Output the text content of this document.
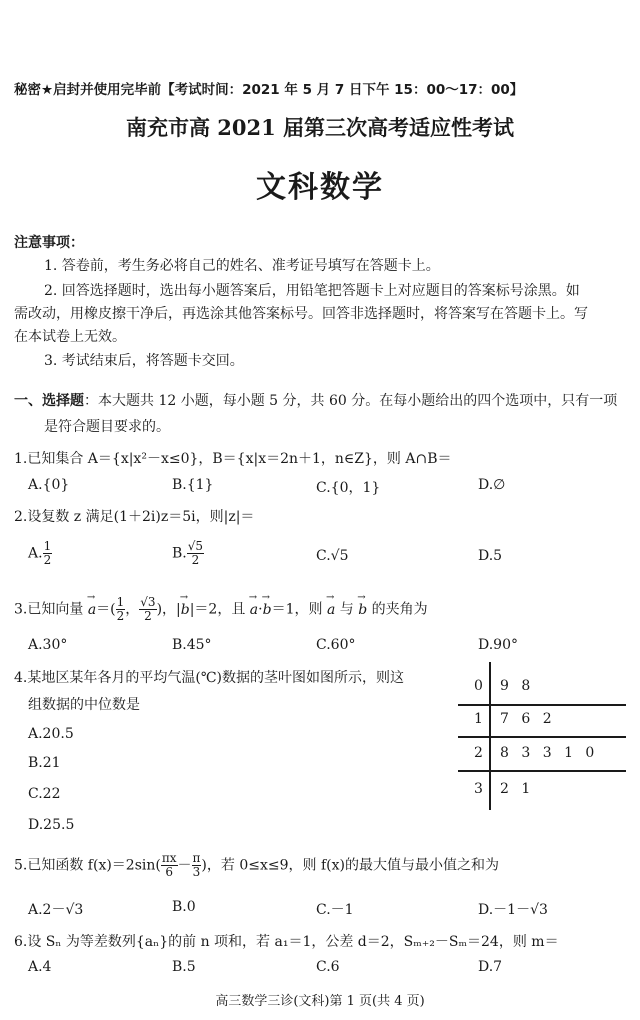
秘密★启封并使用完毕前【考试时间：2021 年 5 月 7 日下午 15：00～17：00】
南充市高 2021 届第三次高考适应性考试
文科数学
注意事项：
1. 答卷前，考生务必将自己的姓名、准考证号填写在答题卡上。
2. 回答选择题时，选出每小题答案后，用铅笔把答题卡上对应题目的答案标号涂黑。如
需改动，用橡皮擦干净后，再选涂其他答案标号。回答非选择题时，将答案写在答题卡上。写
在本试卷上无效。
3. 考试结束后，将答题卡交回。
一、选择题：本大题共 12 小题，每小题 5 分，共 60 分。在每小题给出的四个选项中，只有一项
是符合题目要求的。
1.已知集合 A＝{x|x²－x≤0}，B＝{x|x＝2n＋1，n∈Z}，则 A∩B＝
A.{0}	B.{1}	C.{0，1}	D.∅
2.设复数 z 满足(1＋2i)z＝5i，则|z|＝
A. $\frac{1}{2}$	B. $\frac{√5}{2}$	C.√5	D.5
3.已知向量 → $a=( \frac{1}{2}$ ， $\frac{√3}{2}$ )，|→ b|＝2，且 → a·→ b＝1，则 → a 与 → b 的夹角为
A.30°	B.45°	C.60°	D.90°
4.某地区某年各月的平均气温(℃)数据的茎叶图如图所示，则这
组数据的中位数是
A.20.5
B.21
C.22
D.25.5
0 9 8
1 7 6 2
2 8 3 3 1 0
3 2 1
5.已知函数 $f(x)=2\sin( \frac{\pi x}{6} - \frac{\pi}{3}$ )，若 0≤x≤9，则 f(x)的最大值与最小值之和为
A.2－√3	B.0	C.－1	D.－1－√3
6.设 Sₙ 为等差数列{aₙ}的前 n 项和，若 a₁＝1，公差 d＝2，Sₘ₊₂－Sₘ＝24，则 m＝
A.4	B.5	C.6	D.7
高三数学三诊(文科)第 1 页(共 4 页)
